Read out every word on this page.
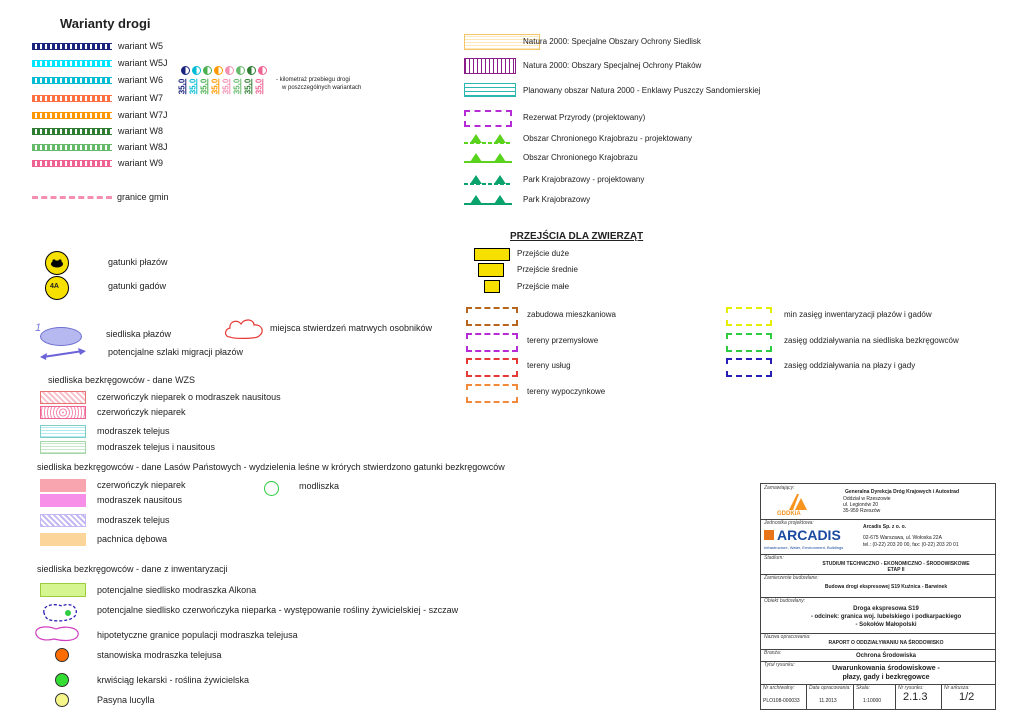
Warianty drogi
35,0 35,0 35,0 35,0 35,0 35,0 35,0 35,0 - kilometraż przebiegu drogi
w poszczególnych wariantach
granice gmin
gatunki płazów
4A	gatunki gadów
1	siedliska płazów
potencjalne szlaki migracji płazów
miejsca stwierdzeń matrwych osobników
siedliska bezkręgowców - dane WZS
siedliska bezkręgowców - dane Lasów Państowych - wydzielenia leśne w krórych stwierdzono gatunki bezkręgowców
modliszka
siedliska bezkręgowców - dane z inwentaryzacji
potencjalne siedlisko modraszka Alkona
potencjalne siedlisko czerwończyka nieparka - występowanie rośliny żywicielskiej - szczaw
hipotetyczne granice populacji modraszka telejusa
stanowiska modraszka telejusa
krwiściąg lekarski - roślina żywicielska
Pasyna lucylla
PRZEJŚCIA DLA ZWIERZĄT
Przejście duże
Przejście średnie
Przejście małe
Zamawiający:
GDDKiA
Generalna Dyrekcja Dróg Krajowych i Autostrad
Oddział w Rzeszowie
ul. Legionów 20
35-959 Rzeszów
Jednostka projektowa:
ARCADIS
Infrastructure, Water, Environment, Buildings
Arcadis Sp. z o. o.
02-675 Warszawa, ul. Wołoska 22A
tel.: (0-22) 203 20 00, fax: (0-22) 203 20 01
Stadium:
STUDIUM TECHNICZNO - EKONOMICZNO - ŚRODOWISKOWE
ETAP II
Zamierzenie budowlane:
Budowa drogi ekspresowej S19 Kuźnica - Barwinek
Obiekt budowlany:
Droga ekspresowa S19
- odcinek: granica woj. lubelskiego i podkarpackiego
- Sokołów Małopolski
Nazwa opracowania:
RAPORT O ODDZIAŁYWANIU NA ŚRODOWISKO
Branża:	Ochrona Środowiska
Tytuł rysunku:	Uwarunkowania środowiskowe -
płazy, gady i bezkręgowce
Nr archiwalny:
PLO108-000033
Data opracowania:
11.2013
Skala:
1:10000
Nr rysunku:
2.1.3
Nr arkusza:
1/2
wariant W5
wariant W5J
wariant W6
wariant W7
wariant W7J
wariant W8
wariant W8J
wariant W9
czerwończyk nieparek o modraszek nausitous
czerwończyk nieparek
modraszek telejus
modraszek telejus i nausitous
czerwończyk nieparek
modraszek nausitous
modraszek telejus
pachnica dębowa
Natura 2000: Specjalne Obszary Ochrony Siedlisk
Natura 2000: Obszary Specjalnej Ochrony Ptaków
Planowany obszar Natura 2000 - Enklawy Puszczy Sandomierskiej
Rezerwat Przyrody (projektowany)
Obszar Chronionego Krajobrazu - projektowany
Obszar Chronionego Krajobrazu
Park Krajobrazowy - projektowany
Park Krajobrazowy
zabudowa mieszkaniowa
tereny przemysłowe
tereny usług
tereny wypoczynkowe
min zasięg inwentaryzacji płazów i gadów
zasięg oddziaływania na siedliska bezkręgowców
zasięg oddziaływania na płazy i gady
